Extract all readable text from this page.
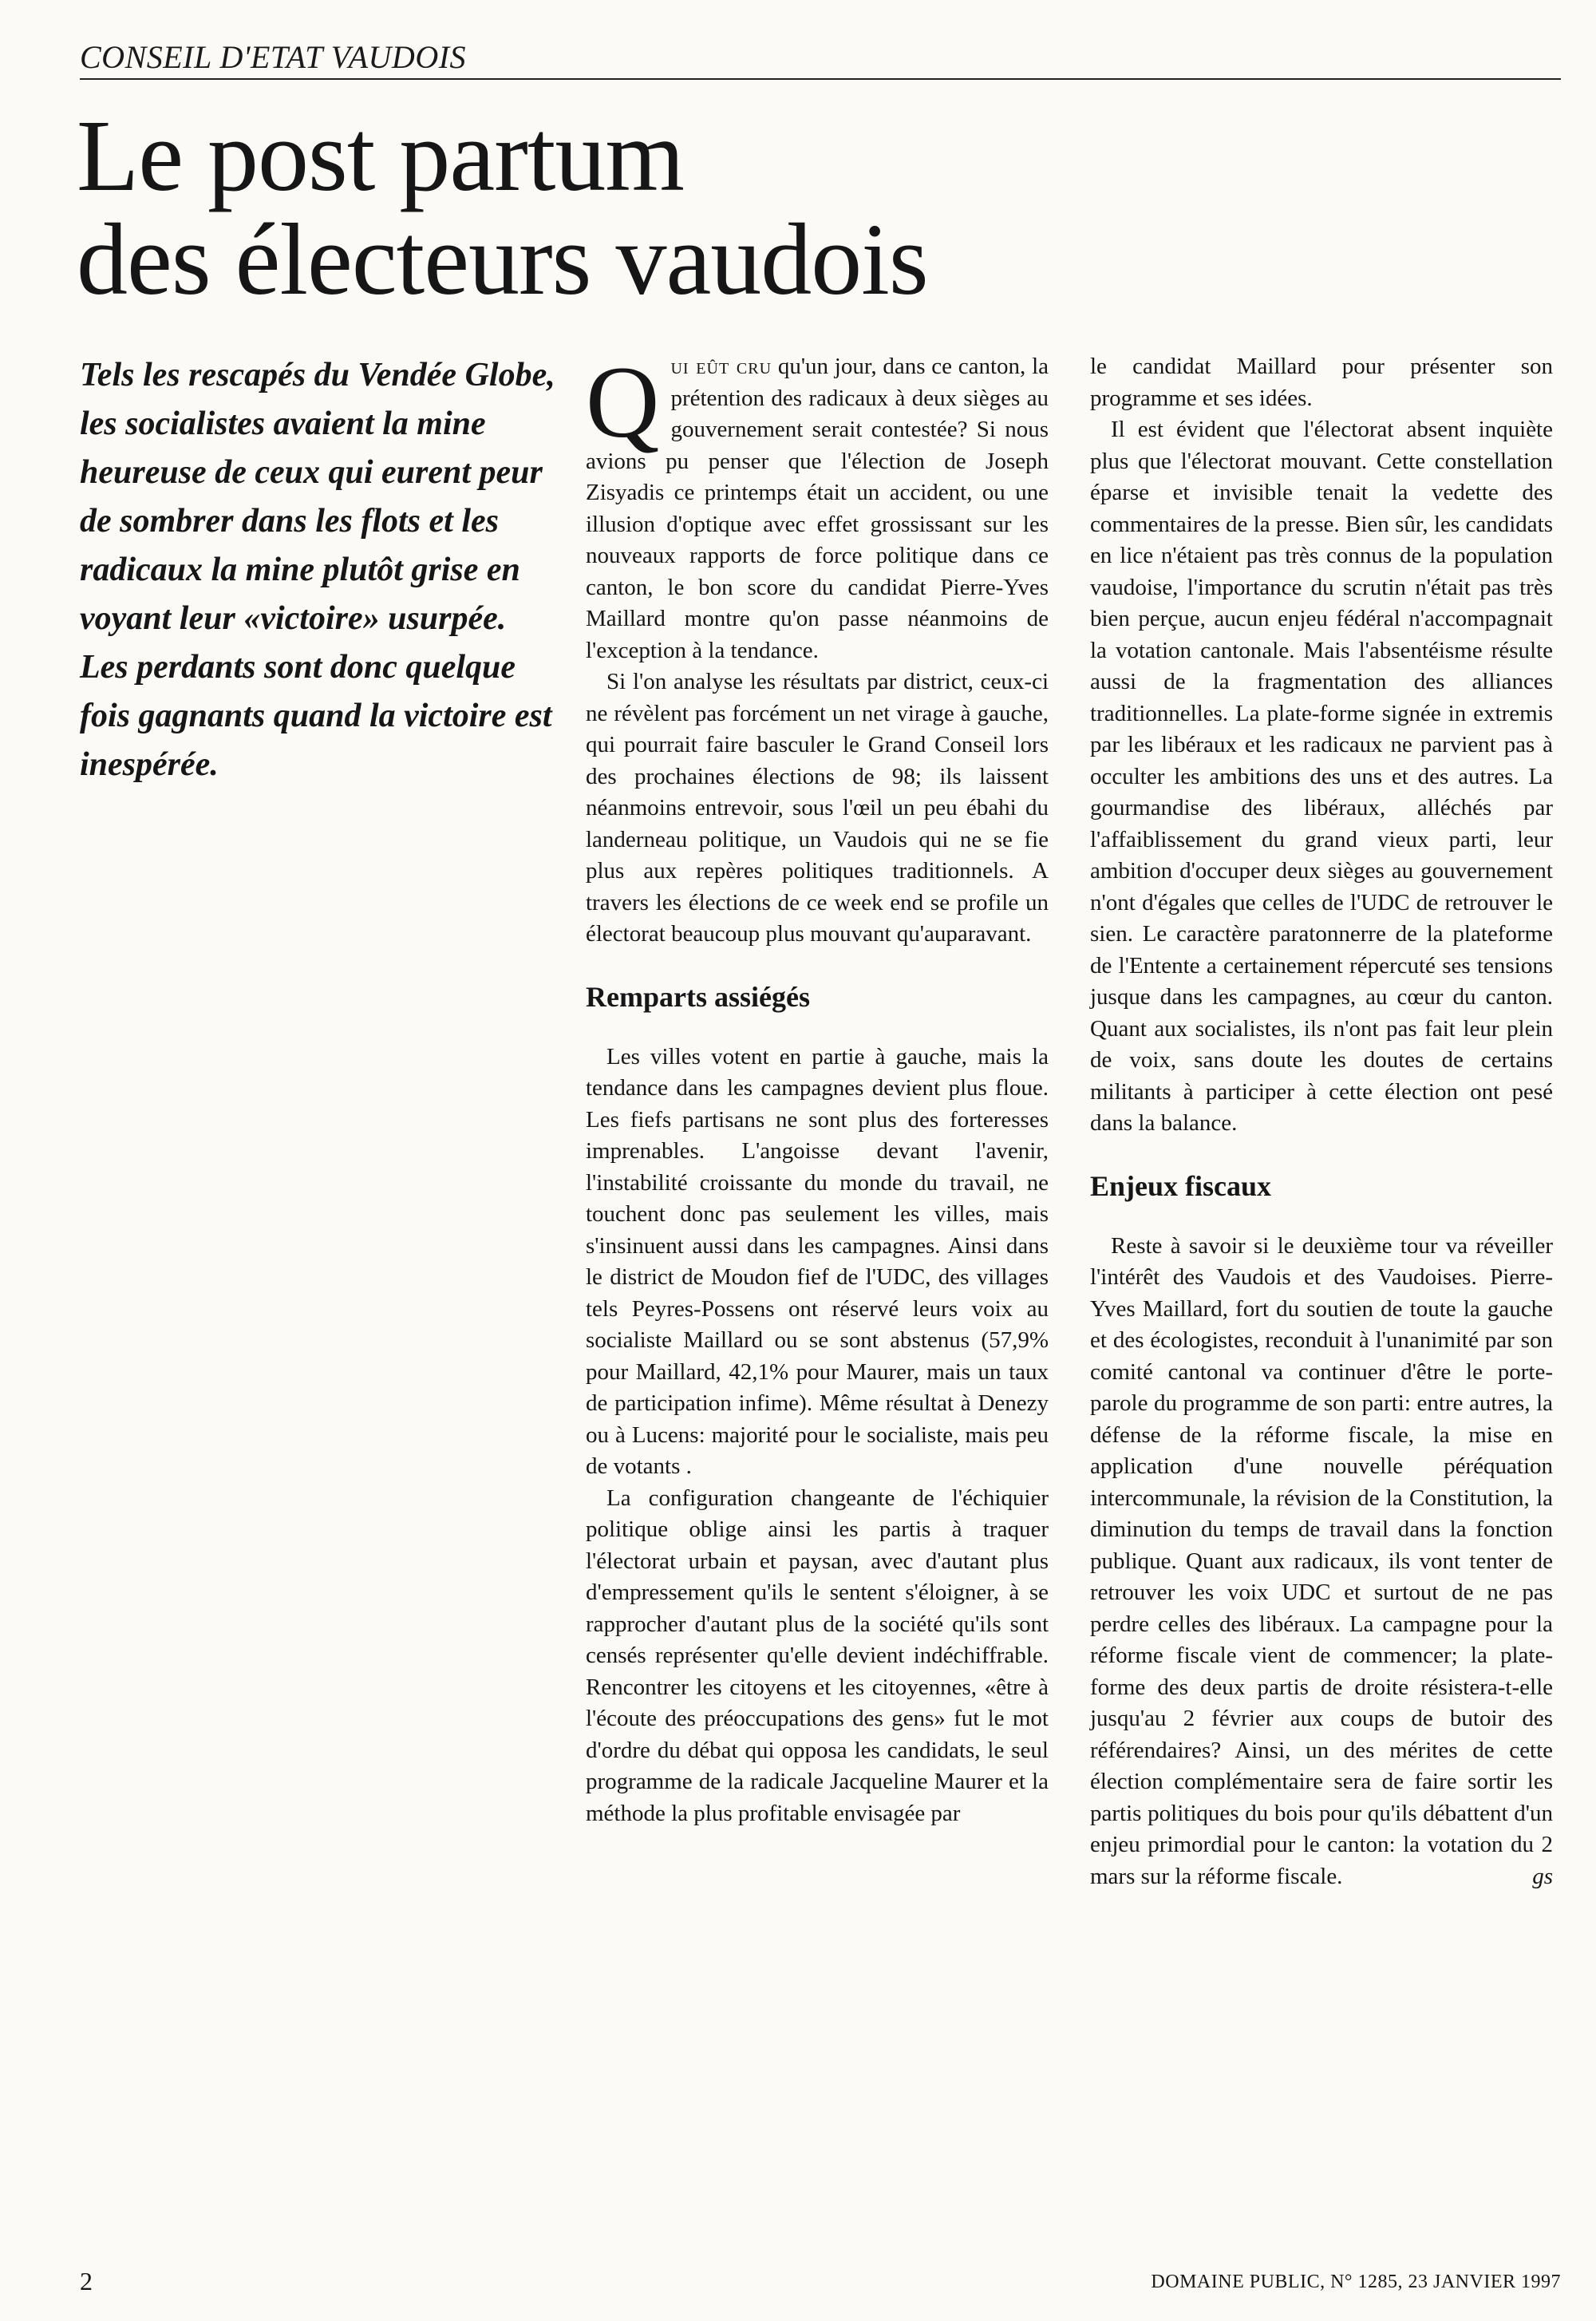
CONSEIL D'ETAT VAUDOIS
Le post partum
des électeurs vaudois

Tels les rescapés du Vendée Globe, les socialistes avaient la mine heureuse de ceux qui eurent peur de sombrer dans les flots et les radicaux la mine plutôt grise en voyant leur «victoire» usurpée. Les perdants sont donc quelque fois gagnants quand la victoire est inespérée.

Qui eût cru qu'un jour, dans ce canton, la prétention des radicaux à deux sièges au gouvernement serait contestée? Si nous avions pu penser que l'élection de Joseph Zisyadis ce printemps était un accident, ou une illusion d'optique avec effet grossissant sur les nouveaux rapports de force politique dans ce canton, le bon score du candidat Pierre-Yves Maillard montre qu'on passe néanmoins de l'exception à la tendance.

Si l'on analyse les résultats par district, ceux-ci ne révèlent pas forcément un net virage à gauche, qui pourrait faire basculer le Grand Conseil lors des prochaines élections de 98; ils laissent néanmoins entrevoir, sous l'œil un peu ébahi du landerneau politique, un Vaudois qui ne se fie plus aux repères politiques traditionnels. A travers les élections de ce week end se profile un électorat beaucoup plus mouvant qu'auparavant.

Remparts assiégés

Les villes votent en partie à gauche, mais la tendance dans les campagnes devient plus floue. Les fiefs partisans ne sont plus des forteresses imprenables. L'angoisse devant l'avenir, l'instabilité croissante du monde du travail, ne touchent donc pas seulement les villes, mais s'insinuent aussi dans les campagnes. Ainsi dans le district de Moudon fief de l'UDC, des villages tels Peyres-Possens ont réservé leurs voix au socialiste Maillard ou se sont abstenus (57,9% pour Maillard, 42,1% pour Maurer, mais un taux de participation infime). Même résultat à Denezy ou à Lucens: majorité pour le socialiste, mais peu de votants .

La configuration changeante de l'échiquier politique oblige ainsi les partis à traquer l'électorat urbain et paysan, avec d'autant plus d'empressement qu'ils le sentent s'éloigner, à se rapprocher d'autant plus de la société qu'ils sont censés représenter qu'elle devient indéchiffrable. Rencontrer les citoyens et les citoyennes, «être à l'écoute des préoccupations des gens» fut le mot d'ordre du débat qui opposa les candidats, le seul programme de la radicale Jacqueline Maurer et la méthode la plus profitable envisagée par

le candidat Maillard pour présenter son programme et ses idées.

Il est évident que l'électorat absent inquiète plus que l'électorat mouvant. Cette constellation éparse et invisible tenait la vedette des commentaires de la presse. Bien sûr, les candidats en lice n'étaient pas très connus de la population vaudoise, l'importance du scrutin n'était pas très bien perçue, aucun enjeu fédéral n'accompagnait la votation cantonale. Mais l'absentéisme résulte aussi de la fragmentation des alliances traditionnelles. La plate-forme signée in extremis par les libéraux et les radicaux ne parvient pas à occulter les ambitions des uns et des autres. La gourmandise des libéraux, alléchés par l'affaiblissement du grand vieux parti, leur ambition d'occuper deux sièges au gouvernement n'ont d'égales que celles de l'UDC de retrouver le sien. Le caractère paratonnerre de la plateforme de l'Entente a certainement répercuté ses tensions jusque dans les campagnes, au cœur du canton. Quant aux socialistes, ils n'ont pas fait leur plein de voix, sans doute les doutes de certains militants à participer à cette élection ont pesé dans la balance.

Enjeux fiscaux

Reste à savoir si le deuxième tour va réveiller l'intérêt des Vaudois et des Vaudoises. Pierre-Yves Maillard, fort du soutien de toute la gauche et des écologistes, reconduit à l'unanimité par son comité cantonal va continuer d'être le porte-parole du programme de son parti: entre autres, la défense de la réforme fiscale, la mise en application d'une nouvelle péréquation intercommunale, la révision de la Constitution, la diminution du temps de travail dans la fonction publique. Quant aux radicaux, ils vont tenter de retrouver les voix UDC et surtout de ne pas perdre celles des libéraux. La campagne pour la réforme fiscale vient de commencer; la plate-forme des deux partis de droite résistera-t-elle jusqu'au 2 février aux coups de butoir des référendaires? Ainsi, un des mérites de cette élection complémentaire sera de faire sortir les partis politiques du bois pour qu'ils débattent d'un enjeu primordial pour le canton: la votation du 2 mars sur la réforme fiscale.	gs

2	DOMAINE PUBLIC, N° 1285, 23 JANVIER 1997
